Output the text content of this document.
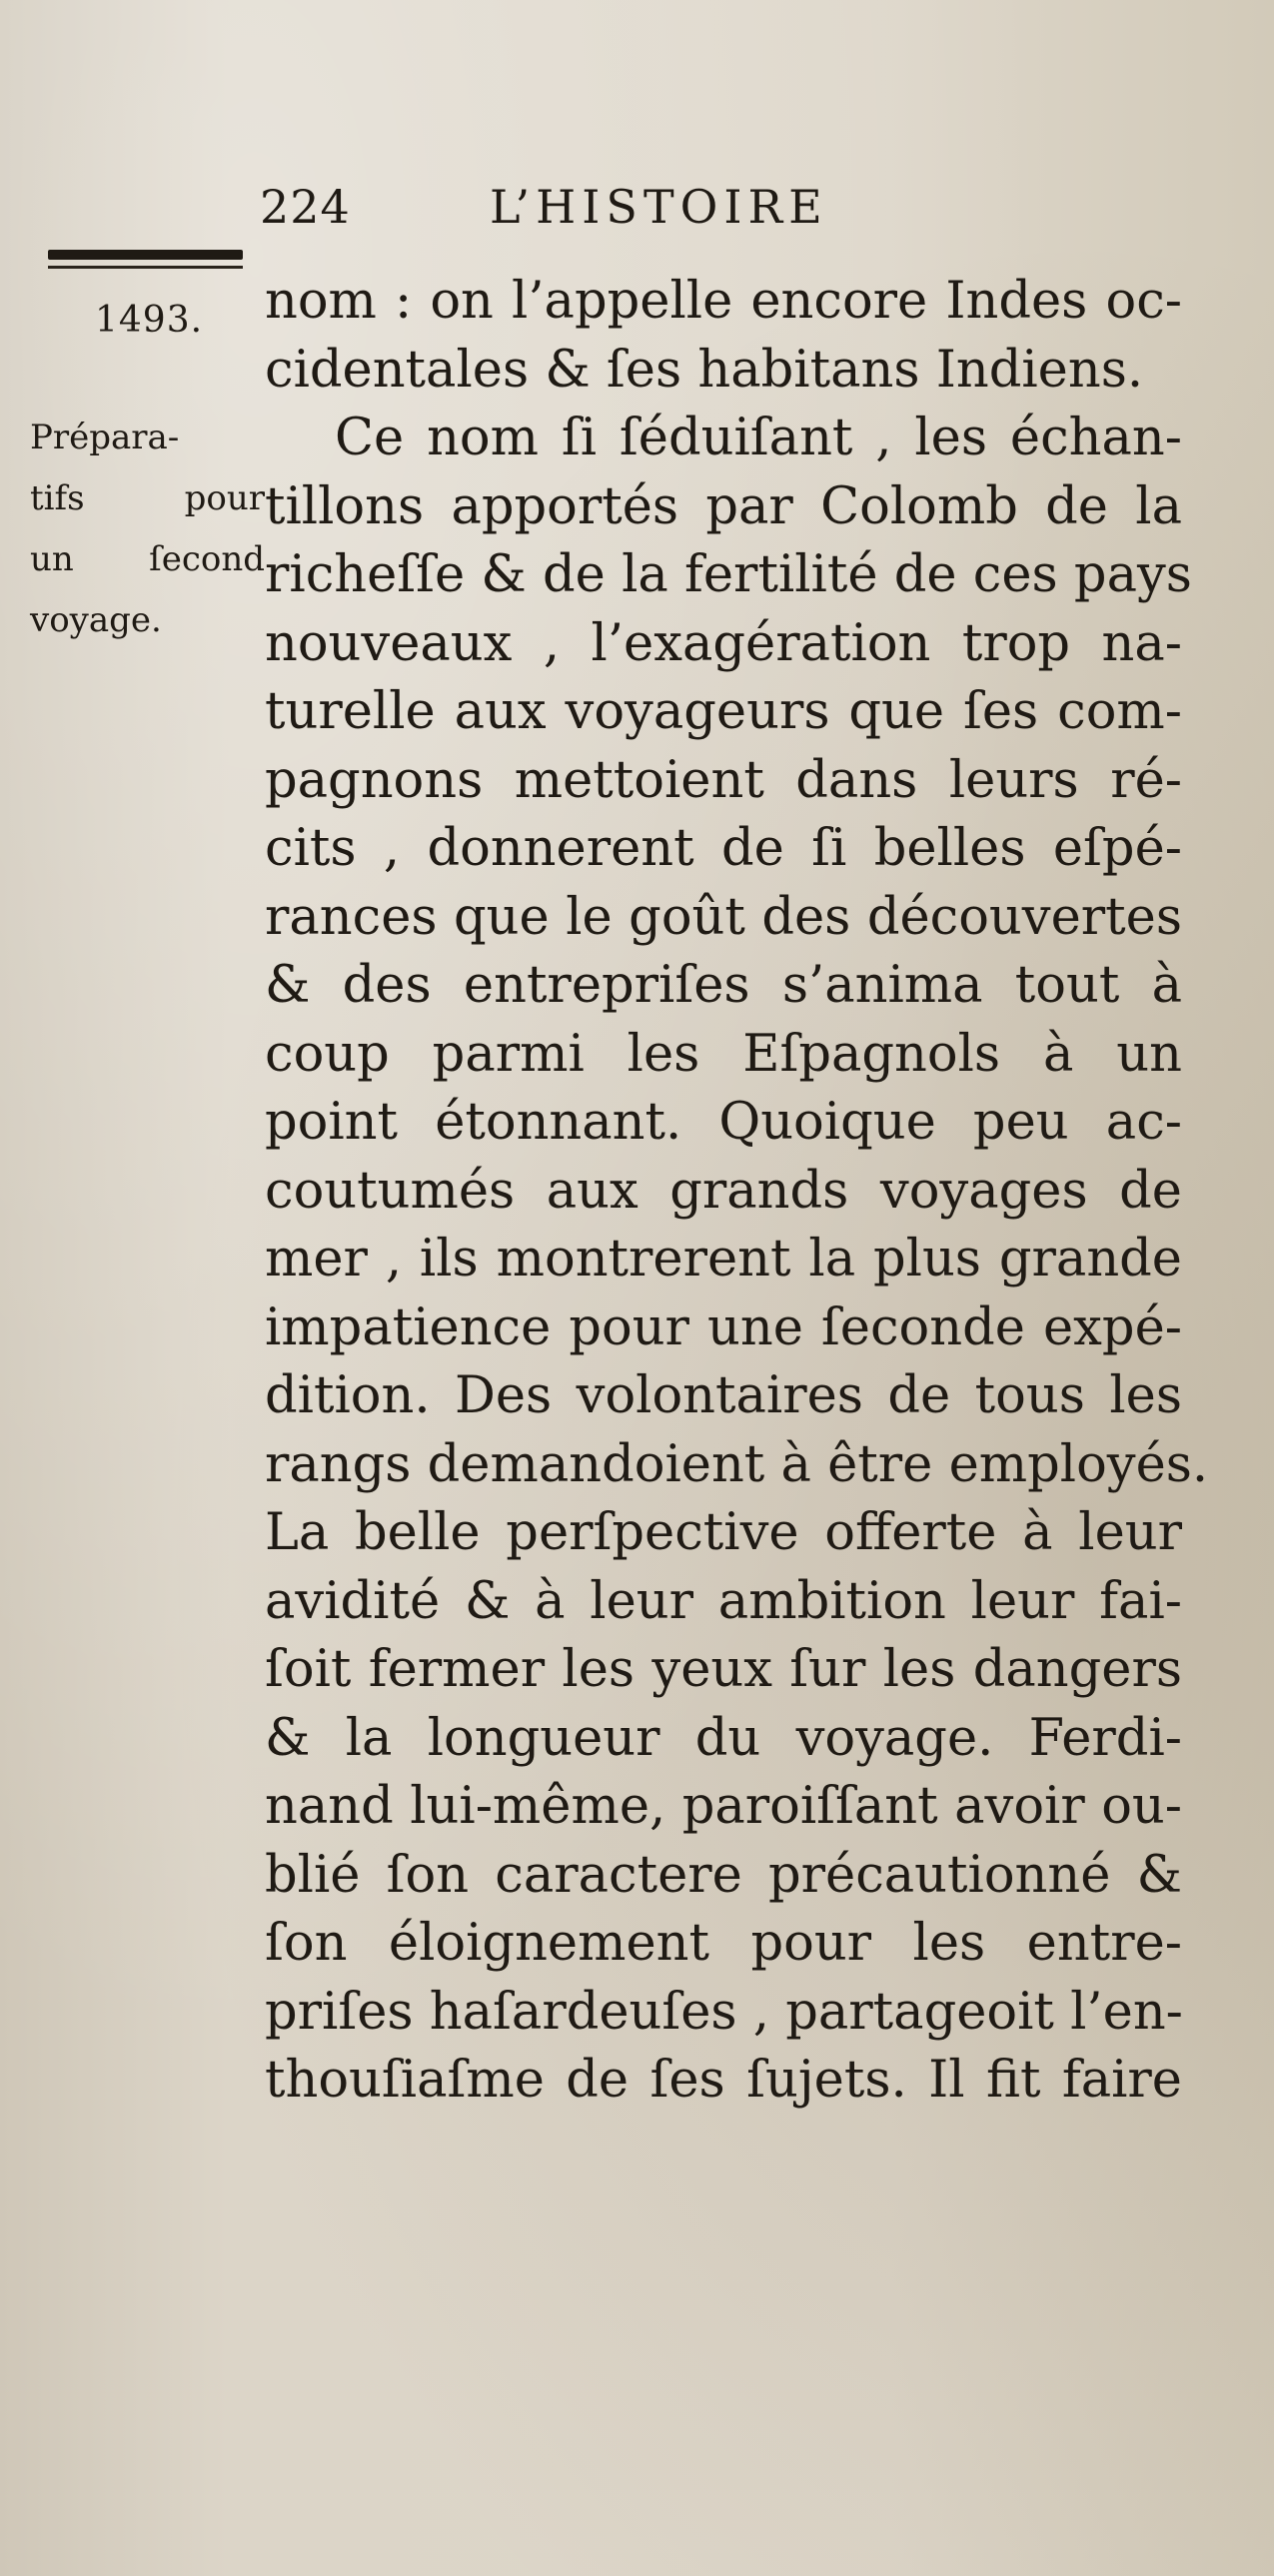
224	L’HISTOIRE
1493.
Prépara-
tifs pour
un ſecond
voyage.
nom : on l’appelle encore Indes oc-
cidentales & ſes habitans Indiens.
Ce nom ſi ſéduiſant , les échan-
tillons apportés par Colomb de la
richeſſe & de la fertilité de ces pays
nouveaux , l’exagération trop na-
turelle aux voyageurs que ſes com-
pagnons mettoient dans leurs ré-
cits , donnerent de ſi belles eſpé-
rances que le goût des découvertes
& des entrepriſes s’anima tout à
coup parmi les Eſpagnols à un
point étonnant. Quoique peu ac-
coutumés aux grands voyages de
mer , ils montrerent la plus grande
impatience pour une ſeconde expé-
dition. Des volontaires de tous les
rangs demandoient à être employés.
La belle perſpective offerte à leur
avidité & à leur ambition leur fai-
ſoit fermer les yeux ſur les dangers
& la longueur du voyage. Ferdi-
nand lui-même, paroiſſant avoir ou-
blié ſon caractere précautionné &
ſon éloignement pour les entre-
priſes haſardeuſes , partageoit l’en-
thouſiaſme de ſes ſujets. Il fit faire
